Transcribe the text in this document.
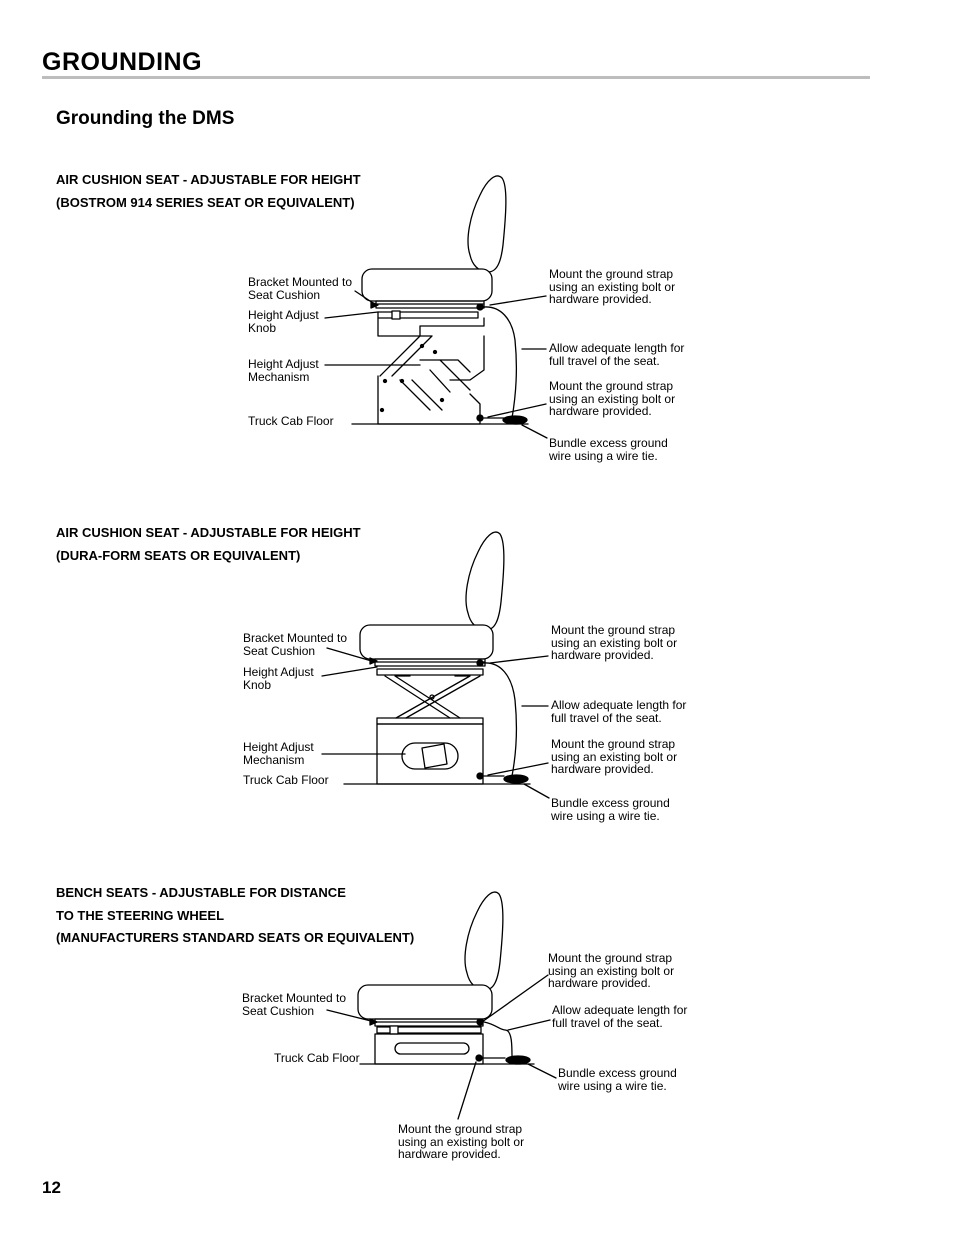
GROUNDING
Grounding the DMS
AIR CUSHION SEAT - ADJUSTABLE FOR HEIGHT
(BOSTROM 914 SERIES SEAT OR EQUIVALENT)
Bracket Mounted to
Seat Cushion
Height Adjust
Knob
Height Adjust
Mechanism
Truck Cab Floor
Mount the ground strap
using an existing bolt or
hardware provided.
Allow adequate length for
full travel of the seat.
Mount the ground strap
using an existing bolt or
hardware provided.
Bundle excess ground
wire using a wire tie.
AIR CUSHION SEAT - ADJUSTABLE FOR HEIGHT
(DURA-FORM SEATS OR EQUIVALENT)
Bracket Mounted to
Seat Cushion
Height Adjust
Knob
Height Adjust
Mechanism
Truck Cab Floor
Mount the ground strap
using an existing bolt or
hardware provided.
Allow adequate length for
full travel of the seat.
Mount the ground strap
using an existing bolt or
hardware provided.
Bundle excess ground
wire using a wire tie.
BENCH SEATS - ADJUSTABLE FOR DISTANCE
TO THE STEERING WHEEL
(MANUFACTURERS STANDARD SEATS OR EQUIVALENT)
Bracket Mounted to
Seat Cushion
Truck Cab Floor
Mount the ground strap
using an existing bolt or
hardware provided.
Allow adequate length for
full travel of the seat.
Bundle excess ground
wire using a wire tie.
Mount the ground strap
using an existing bolt or
hardware provided.
12
